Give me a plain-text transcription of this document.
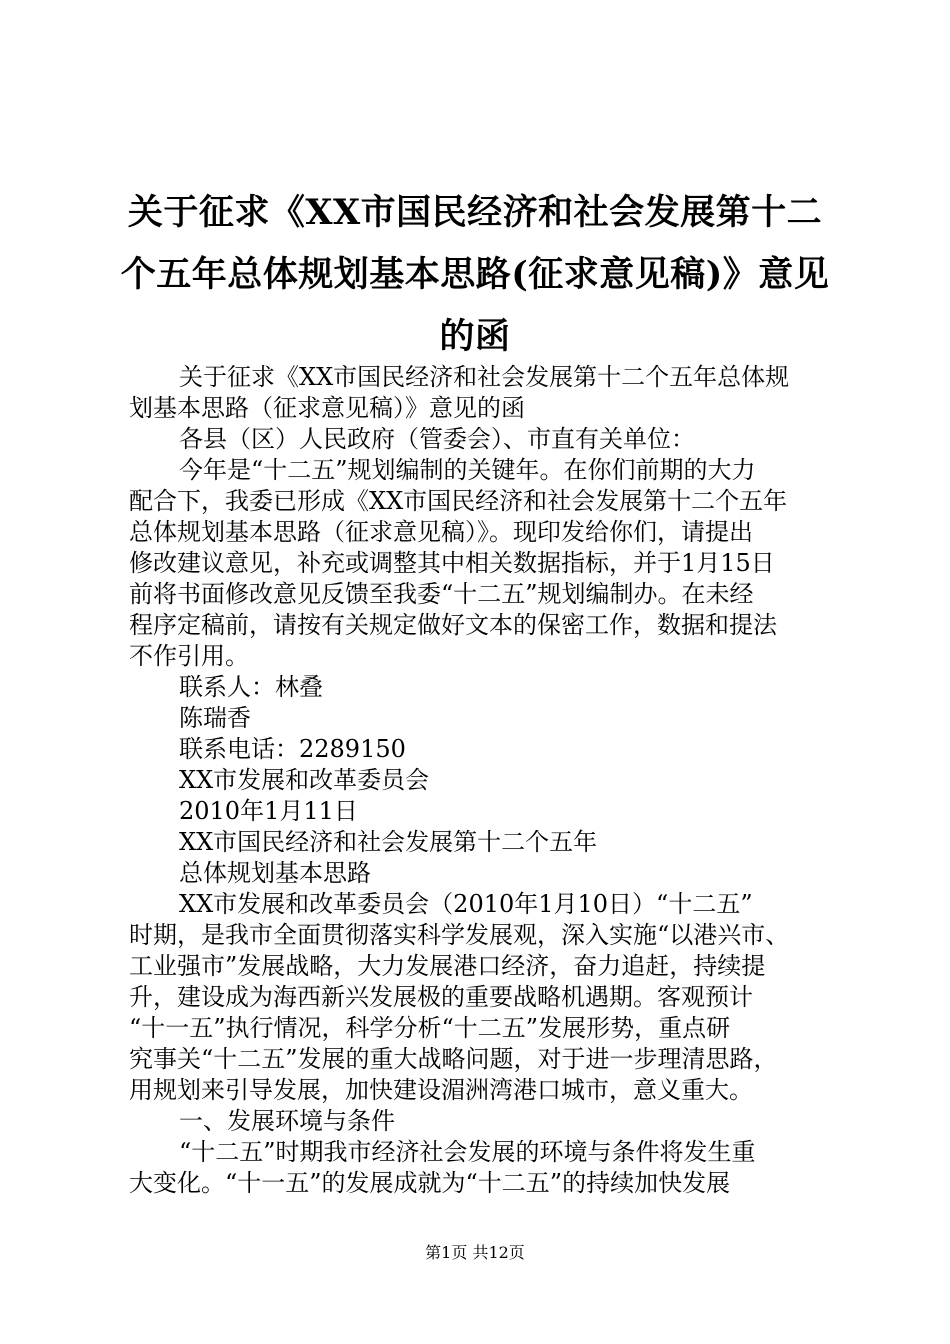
关于征求《XX市国民经济和社会发展第十二
个五年总体规划基本思路(征求意见稿)》意见
的函
关于征求《XX市国民经济和社会发展第十二个五年总体规
划基本思路（征求意见稿）》意见的函
各县（区）人民政府（管委会）、市直有关单位：
今年是“十二五”规划编制的关键年。在你们前期的大力
配合下，我委已形成《XX市国民经济和社会发展第十二个五年
总体规划基本思路（征求意见稿）》。现印发给你们，请提出
修改建议意见，补充或调整其中相关数据指标，并于1月15日
前将书面修改意见反馈至我委“十二五”规划编制办。在未经
程序定稿前，请按有关规定做好文本的保密工作，数据和提法
不作引用。
联系人：林叠
陈瑞香
联系电话：2289150
XX市发展和改革委员会
2010年1月11日
XX市国民经济和社会发展第十二个五年
总体规划基本思路
XX市发展和改革委员会（2010年1月10日）“十二五”
时期，是我市全面贯彻落实科学发展观，深入实施“以港兴市、
工业强市”发展战略，大力发展港口经济，奋力追赶，持续提
升，建设成为海西新兴发展极的重要战略机遇期。客观预计
“十一五”执行情况，科学分析“十二五”发展形势，重点研
究事关“十二五”发展的重大战略问题，对于进一步理清思路，
用规划来引导发展，加快建设湄洲湾港口城市，意义重大。
一、发展环境与条件
“十二五”时期我市经济社会发展的环境与条件将发生重
大变化。“十一五”的发展成就为“十二五”的持续加快发展
第1页 共12页
